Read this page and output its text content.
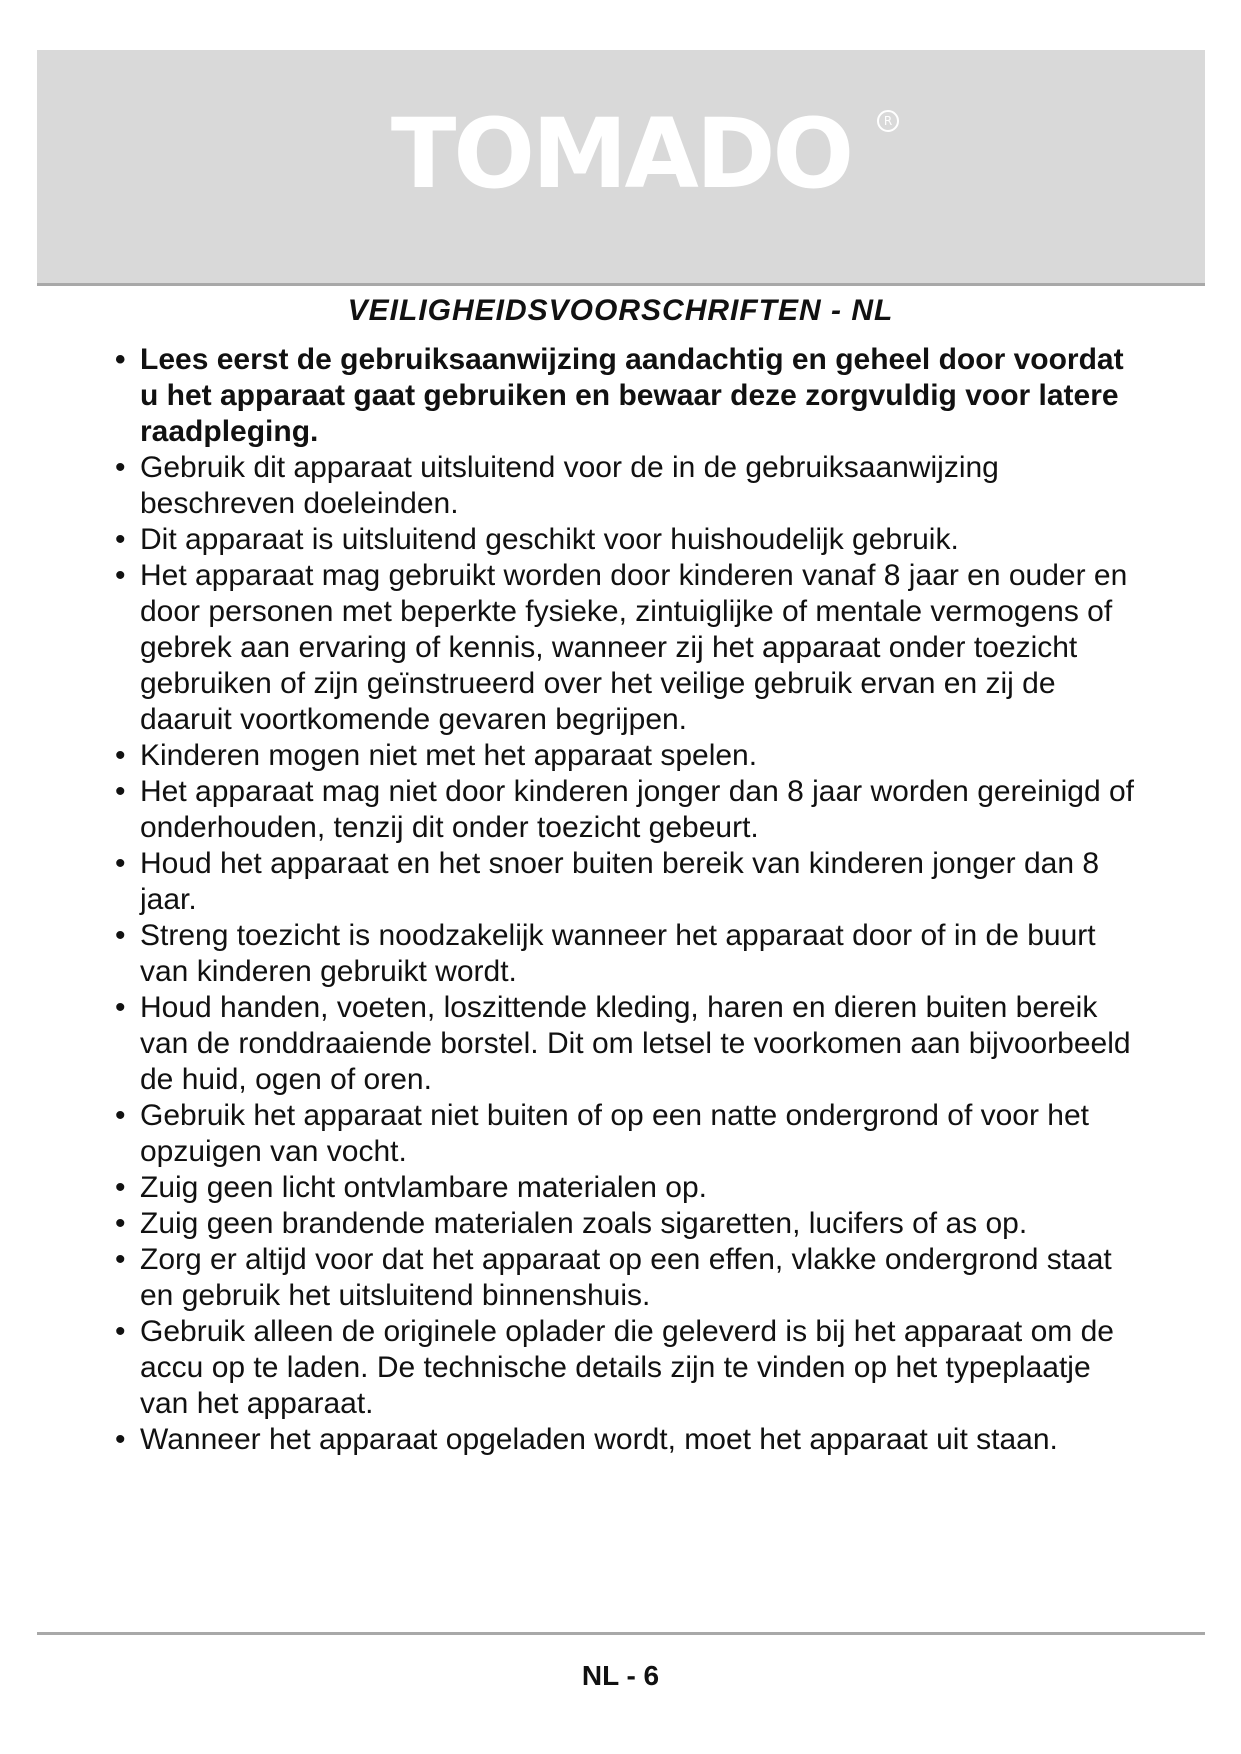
TOMADO	R
VEILIGHEIDSVOORSCHRIFTEN - NL
• Lees eerst de gebruiksaanwijzing aandachtig en geheel door voordat u het apparaat gaat gebruiken en bewaar deze zorgvuldig voor latere raadpleging.
• Gebruik dit apparaat uitsluitend voor de in de gebruiksaanwijzing beschreven doeleinden.
• Dit apparaat is uitsluitend geschikt voor huishoudelijk gebruik.
• Het apparaat mag gebruikt worden door kinderen vanaf 8 jaar en ouder en door personen met beperkte fysieke, zintuiglijke of mentale vermogens of gebrek aan ervaring of kennis, wanneer zij het apparaat onder toezicht gebruiken of zijn geïnstrueerd over het veilige gebruik ervan en zij de daaruit voortkomende gevaren begrijpen.
• Kinderen mogen niet met het apparaat spelen.
• Het apparaat mag niet door kinderen jonger dan 8 jaar worden gereinigd of onderhouden, tenzij dit onder toezicht gebeurt.
• Houd het apparaat en het snoer buiten bereik van kinderen jonger dan 8 jaar.
• Streng toezicht is noodzakelijk wanneer het apparaat door of in de buurt van kinderen gebruikt wordt.
• Houd handen, voeten, loszittende kleding, haren en dieren buiten bereik van de ronddraaiende borstel. Dit om letsel te voorkomen aan bijvoorbeeld de huid, ogen of oren.
• Gebruik het apparaat niet buiten of op een natte ondergrond of voor het opzuigen van vocht.
• Zuig geen licht ontvlambare materialen op.
• Zuig geen brandende materialen zoals sigaretten, lucifers of as op.
• Zorg er altijd voor dat het apparaat op een effen, vlakke ondergrond staat en gebruik het uitsluitend binnenshuis.
• Gebruik alleen de originele oplader die geleverd is bij het apparaat om de accu op te laden. De technische details zijn te vinden op het typeplaatje van het apparaat.
• Wanneer het apparaat opgeladen wordt, moet het apparaat uit staan.
NL - 6
